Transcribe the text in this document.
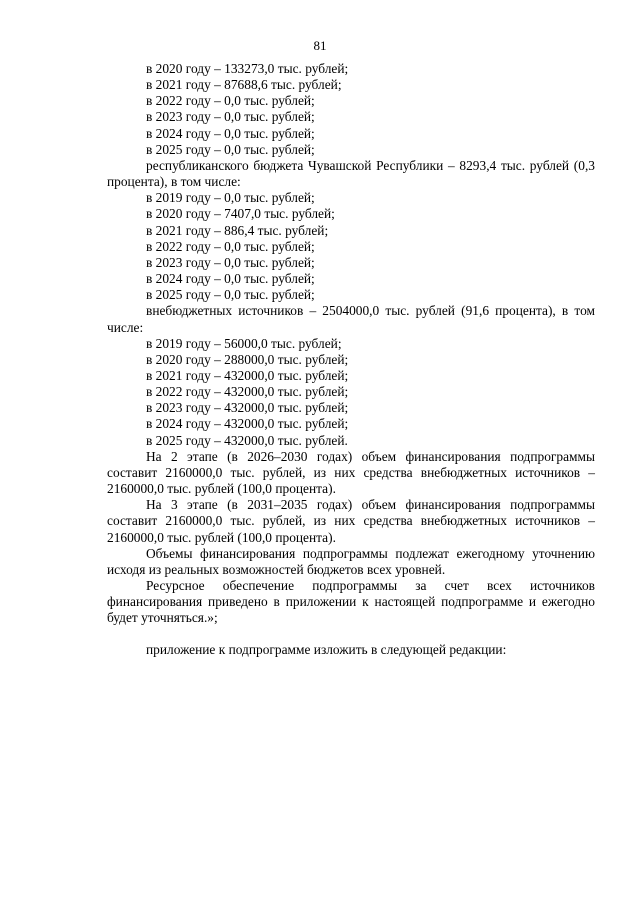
81
в 2020 году – 133273,0 тыс. рублей;
в 2021 году – 87688,6 тыс. рублей;
в 2022 году – 0,0 тыс. рублей;
в 2023 году – 0,0 тыс. рублей;
в 2024 году – 0,0 тыс. рублей;
в 2025 году – 0,0 тыс. рублей;

республиканского бюджета Чувашской Республики – 8293,4 тыс. рублей (0,3 процента), в том числе:

в 2019 году – 0,0 тыс. рублей;
в 2020 году – 7407,0 тыс. рублей;
в 2021 году – 886,4 тыс. рублей;
в 2022 году – 0,0 тыс. рублей;
в 2023 году – 0,0 тыс. рублей;
в 2024 году – 0,0 тыс. рублей;
в 2025 году – 0,0 тыс. рублей;

внебюджетных источников – 2504000,0 тыс. рублей (91,6 процента), в том числе:

в 2019 году – 56000,0 тыс. рублей;
в 2020 году – 288000,0 тыс. рублей;
в 2021 году – 432000,0 тыс. рублей;
в 2022 году – 432000,0 тыс. рублей;
в 2023 году – 432000,0 тыс. рублей;
в 2024 году – 432000,0 тыс. рублей;
в 2025 году – 432000,0 тыс. рублей.

На 2 этапе (в 2026–2030 годах) объем финансирования подпрограммы составит 2160000,0 тыс. рублей, из них средства внебюджетных источников – 2160000,0 тыс. рублей (100,0 процента).

На 3 этапе (в 2031–2035 годах) объем финансирования подпрограммы составит 2160000,0 тыс. рублей, из них средства внебюджетных источников – 2160000,0 тыс. рублей (100,0 процента).

Объемы финансирования подпрограммы подлежат ежегодному уточнению исходя из реальных возможностей бюджетов всех уровней.

Ресурсное обеспечение подпрограммы за счет всех источников финансирования приведено в приложении к настоящей подпрограмме и ежегодно будет уточняться.»;

приложение к подпрограмме изложить в следующей редакции:
